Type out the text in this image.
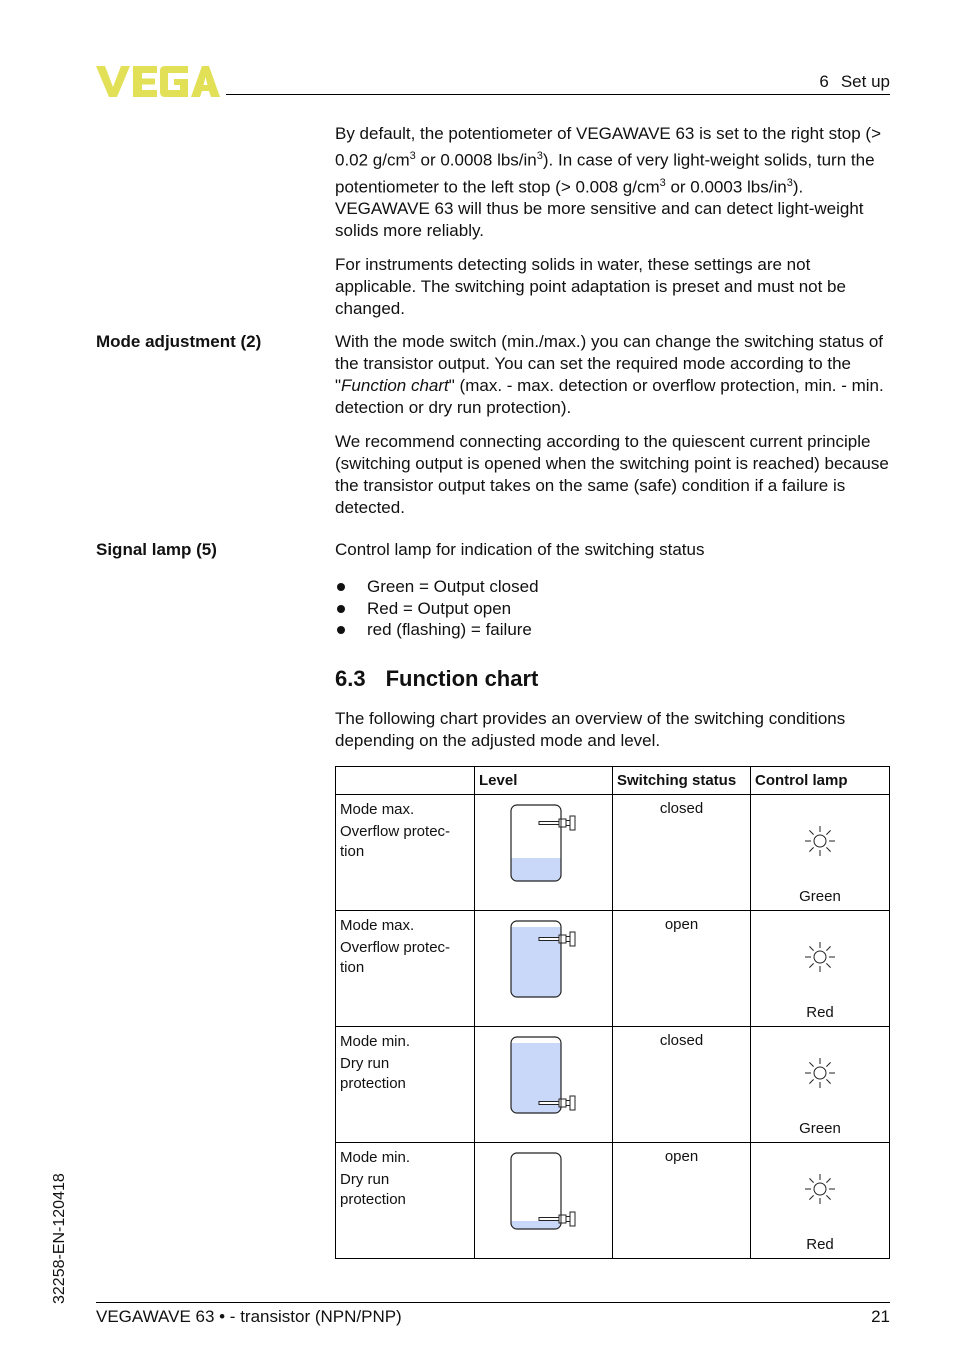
6 Set up

By default, the potentiometer of VEGAWAVE 63 is set to the right stop (> 0.02 $g/cm^3$ or 0.0008 lbs/$in^3$). In case of very light-weight solids, turn the potentiometer to the left stop (> 0.008 $g/cm^3$ or 0.0003 lbs/$in^3$). VEGAWAVE 63 will thus be more sensitive and can detect light-weight solids more reliably.

For instruments detecting solids in water, these settings are not applicable. The switching point adaptation is preset and must not be changed.

Mode adjustment (2)	With the mode switch (min./max.) you can change the switching status of the transistor output. You can set the required mode according to the "Function chart" (max. - max. detection or overflow protection, min. - min. detection or dry run protection).

We recommend connecting according to the quiescent current principle (switching output is opened when the switching point is reached) because the transistor output takes on the same (safe) condition if a failure is detected.

Signal lamp (5)	Control lamp for indication of the switching status
Green = Output closed
Red = Output open
red (flashing) = failure
6.3 Function chart
The following chart provides an overview of the switching conditions depending on the adjusted mode and level.
	Level	Switching status	Control lamp

Mode max.
Overflow protec- tion		closed	Green

Mode max.
Overflow protec- tion		open	Red

Mode min.
Dry run protection		closed	Green

Mode min.
Dry run protection		open	Red
VEGAWAVE 63 • - transistor (NPN/PNP)	21
32258-EN-120418
